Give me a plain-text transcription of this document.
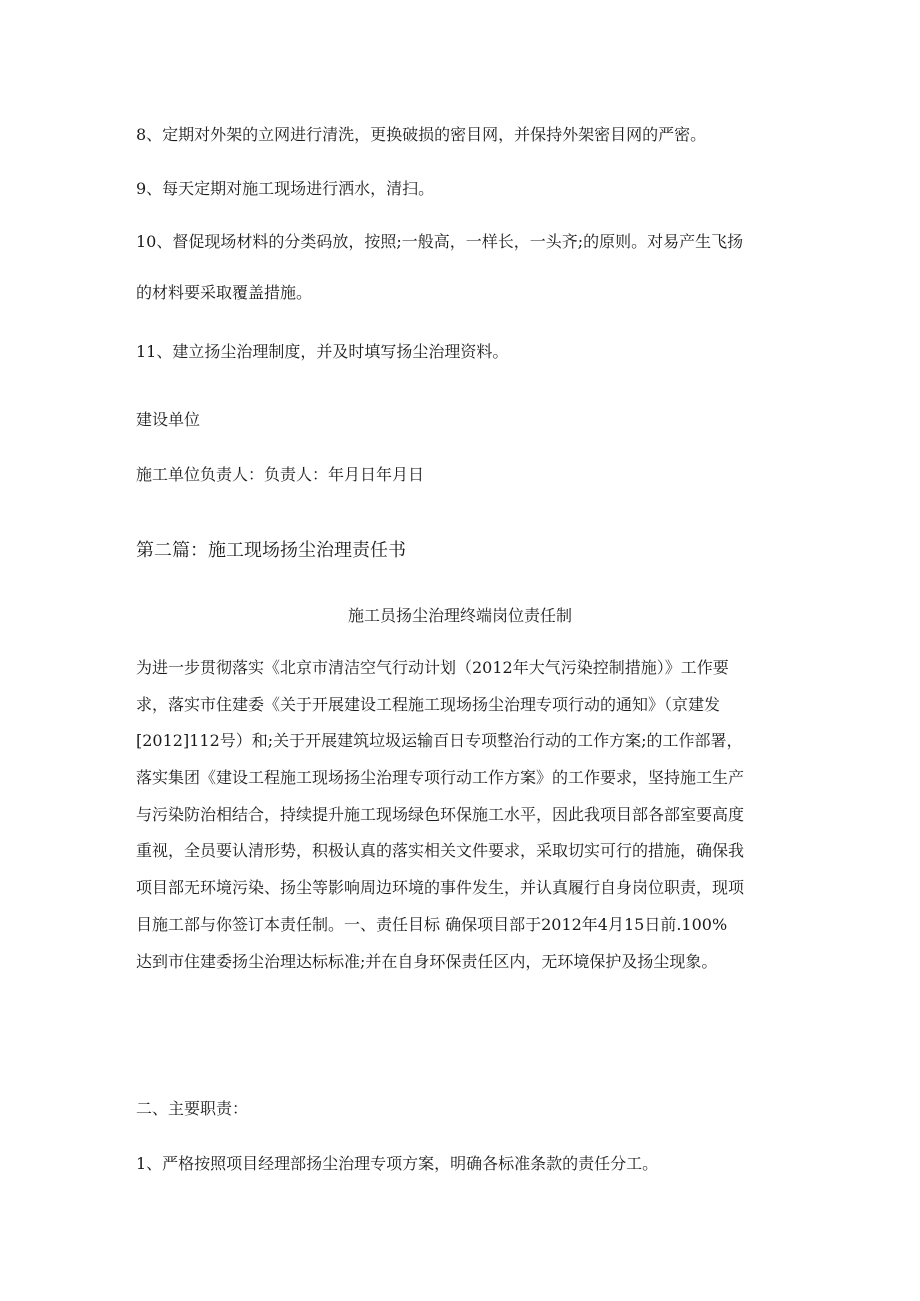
8、定期对外架的立网进行清洗，更换破损的密目网，并保持外架密目网的严密。

9、每天定期对施工现场进行洒水，清扫。

10、督促现场材料的分类码放，按照;一般高，一样长，一头齐;的原则。对易产生飞扬

的材料要采取覆盖措施。

11、建立扬尘治理制度，并及时填写扬尘治理资料。

建设单位

施工单位负责人：负责人：年月日年月日

第二篇：施工现场扬尘治理责任书

施工员扬尘治理终端岗位责任制

为进一步贯彻落实《北京市清洁空气行动计划（2012年大气污染控制措施）》工作要
求，落实市住建委《关于开展建设工程施工现场扬尘治理专项行动的通知》（京建发
[2012]112号）和;关于开展建筑垃圾运输百日专项整治行动的工作方案;的工作部署，
落实集团《建设工程施工现场扬尘治理专项行动工作方案》的工作要求，坚持施工生产
与污染防治相结合，持续提升施工现场绿色环保施工水平，因此我项目部各部室要高度
重视，全员要认清形势，积极认真的落实相关文件要求，采取切实可行的措施，确保我
项目部无环境污染、扬尘等影响周边环境的事件发生，并认真履行自身岗位职责，现项
目施工部与你签订本责任制。一、责任目标 确保项目部于2012年4月15日前.100%
达到市住建委扬尘治理达标标准;并在自身环保责任区内，无环境保护及扬尘现象。

二、主要职责：

1、严格按照项目经理部扬尘治理专项方案，明确各标准条款的责任分工。
